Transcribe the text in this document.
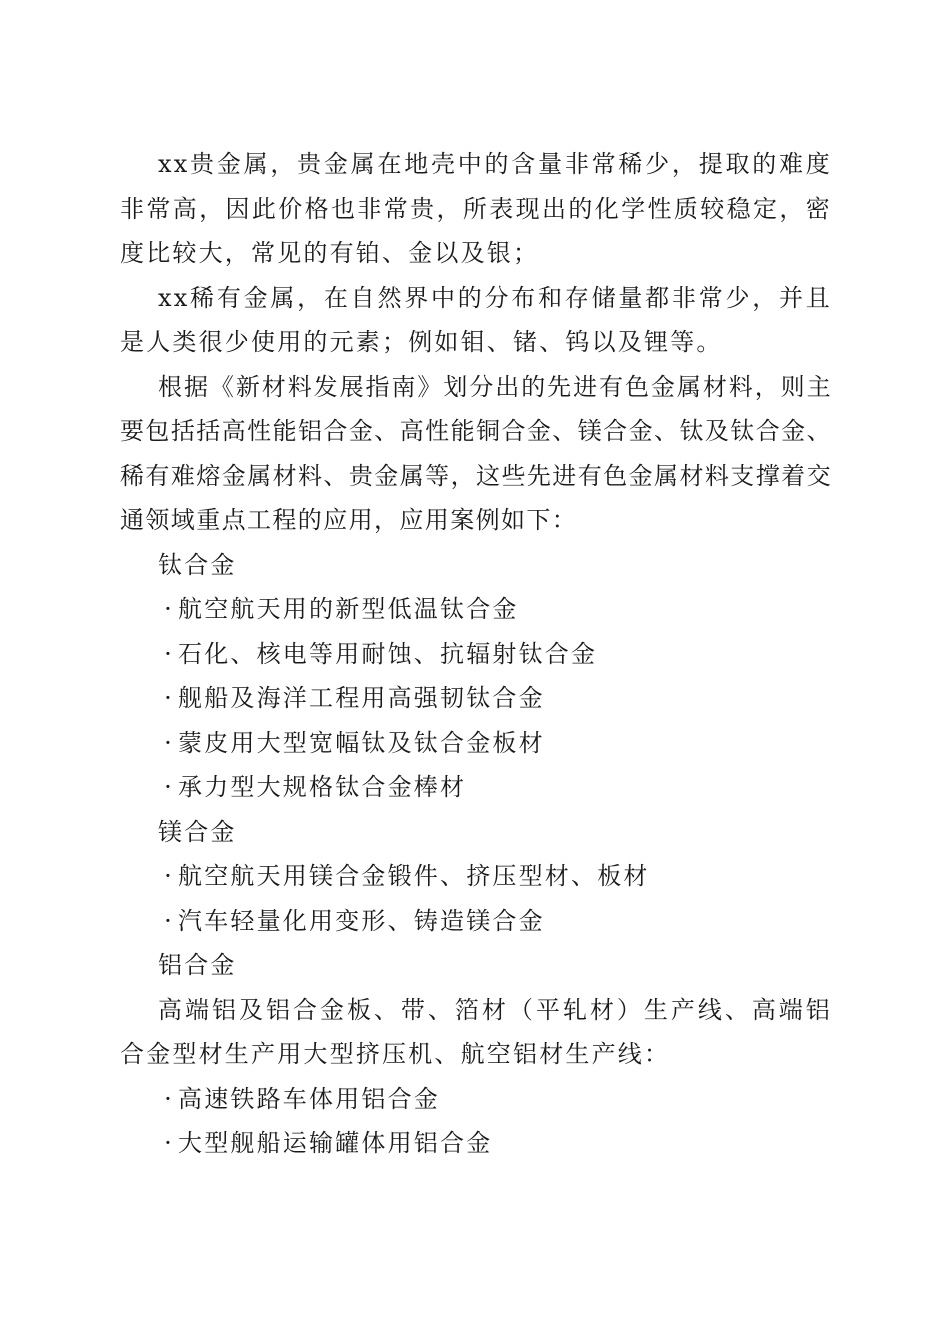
xx贵金属，贵金属在地壳中的含量非常稀少，提取的难度非常高，因此价格也非常贵，所表现出的化学性质较稳定，密度比较大，常见的有铂、金以及银；

xx稀有金属，在自然界中的分布和存储量都非常少，并且是人类很少使用的元素；例如钼、锗、钨以及锂等。

根据《新材料发展指南》划分出的先进有色金属材料，则主要包括括高性能铝合金、高性能铜合金、镁合金、钛及钛合金、稀有难熔金属材料、贵金属等，这些先进有色金属材料支撑着交通领域重点工程的应用，应用案例如下：

钛合金

· 航空航天用的新型低温钛合金

· 石化、核电等用耐蚀、抗辐射钛合金

· 舰船及海洋工程用高强韧钛合金

· 蒙皮用大型宽幅钛及钛合金板材

· 承力型大规格钛合金棒材

镁合金

· 航空航天用镁合金锻件、挤压型材、板材

· 汽车轻量化用变形、铸造镁合金

铝合金

高端铝及铝合金板、带、箔材（平轧材）生产线、高端铝合金型材生产用大型挤压机、航空铝材生产线：

· 高速铁路车体用铝合金

· 大型舰船运输罐体用铝合金
